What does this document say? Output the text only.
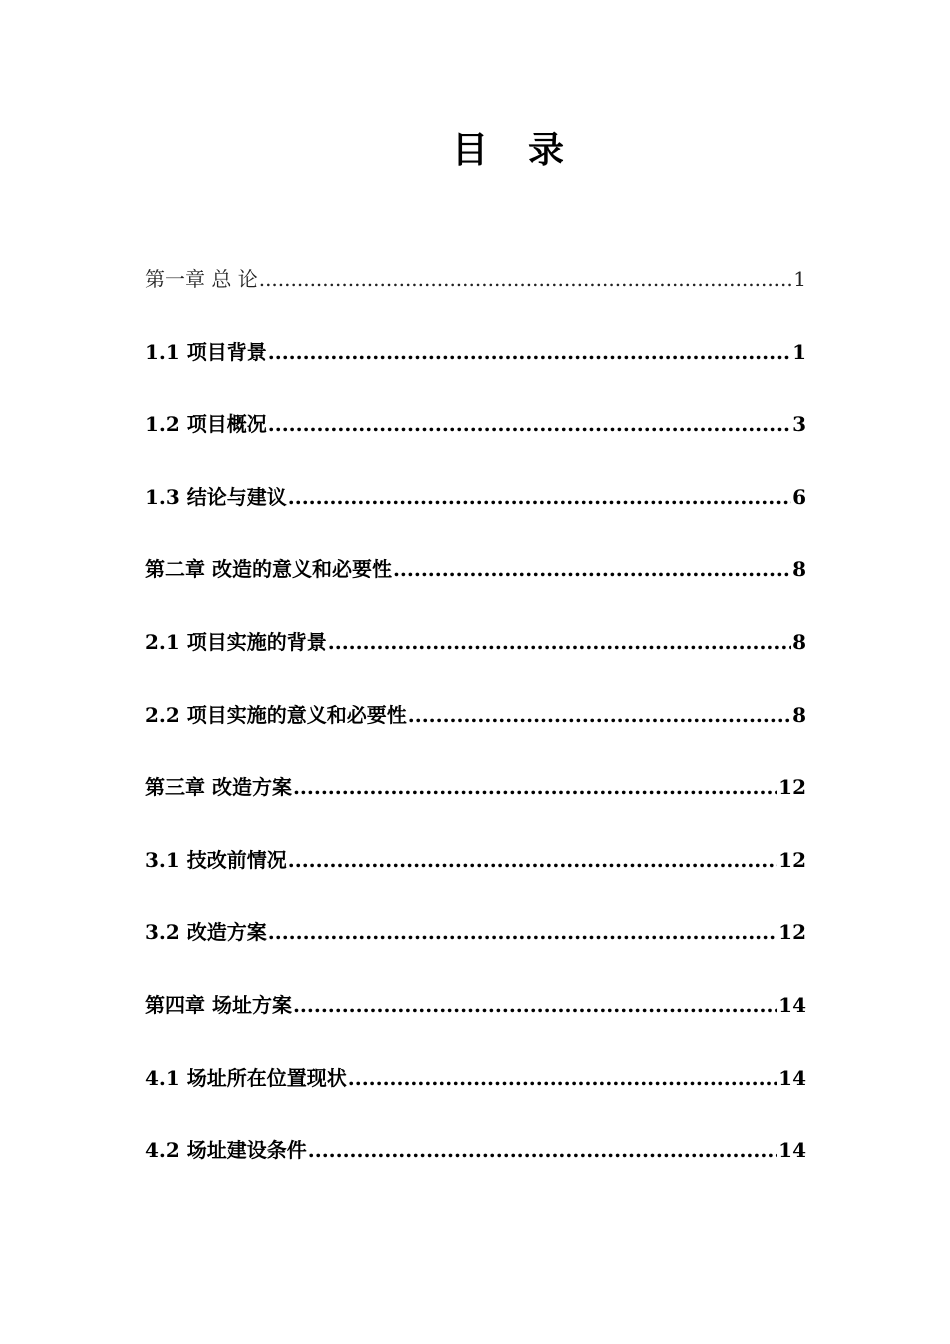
目录
第一章 总 论 .....	1
1.1 项目背景 .....	1
1.2 项目概况 .....	3
1.3 结论与建议 .....	6
第二章 改造的意义和必要性 .....	8
2.1 项目实施的背景 .....	8
2.2 项目实施的意义和必要性 .....	8
第三章 改造方案 .....	12
3.1 技改前情况 .....	12
3.2 改造方案 .....	12
第四章 场址方案 .....	14
4.1 场址所在位置现状 .....	14
4.2 场址建设条件 .....	14
